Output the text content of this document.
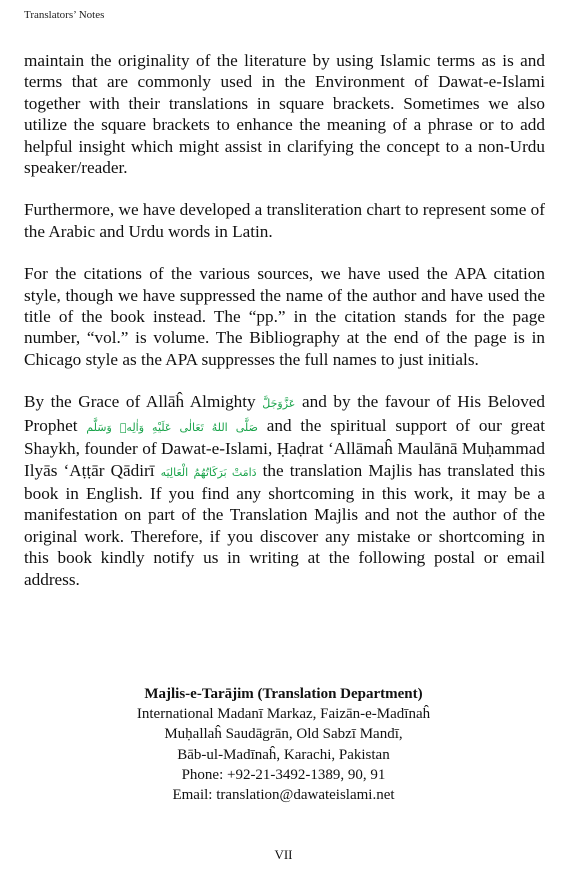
Translators’ Notes

maintain the originality of the literature by using Islamic terms as is and terms that are commonly used in the Environment of Dawat-e-Islami together with their translations in square brackets. Sometimes we also utilize the square brackets to enhance the meaning of a phrase or to add helpful insight which might assist in clarifying the concept to a non-Urdu speaker/reader.

Furthermore, we have developed a transliteration chart to represent some of the Arabic and Urdu words in Latin.

For the citations of the various sources, we have used the APA citation style, though we have suppressed the name of the author and have used the title of the book instead. The “pp.” in the citation stands for the page number, “vol.” is volume. The Bibliography at the end of the page is in Chicago style as the APA suppresses the full names to just initials.

By the Grace of Allāĥ Almighty عَزَّوَجَلَّ and by the favour of His Beloved Prophet صَلَّى اللهُ تَعَالٰى عَلَيْهِ وَاٰلِهٖ وَسَلَّم and the spiritual support of our great Shaykh, founder of Dawat-e-Islami, Ḥaḍrat ‘Allāmaĥ Maulānā Muḥammad Ilyās ‘Aṭṭār Qādirī دَامَتْ بَرَكَاتُهُمُ الْعَالِيَه the translation Majlis has translated this book in English. If you find any shortcoming in this work, it may be a manifestation on part of the Translation Majlis and not the author of the original work. Therefore, if you discover any mistake or shortcoming in this book kindly notify us in writing at the following postal or email address.

Majlis-e-Tarājim (Translation Department)
International Madanī Markaz, Faizān-e-Madīnaĥ
Muḥallaĥ Saudāgrān, Old Sabzī Mandī,
Bāb-ul-Madīnaĥ, Karachi, Pakistan
Phone: +92-21-3492-1389, 90, 91
Email: translation@dawateislami.net
VII
